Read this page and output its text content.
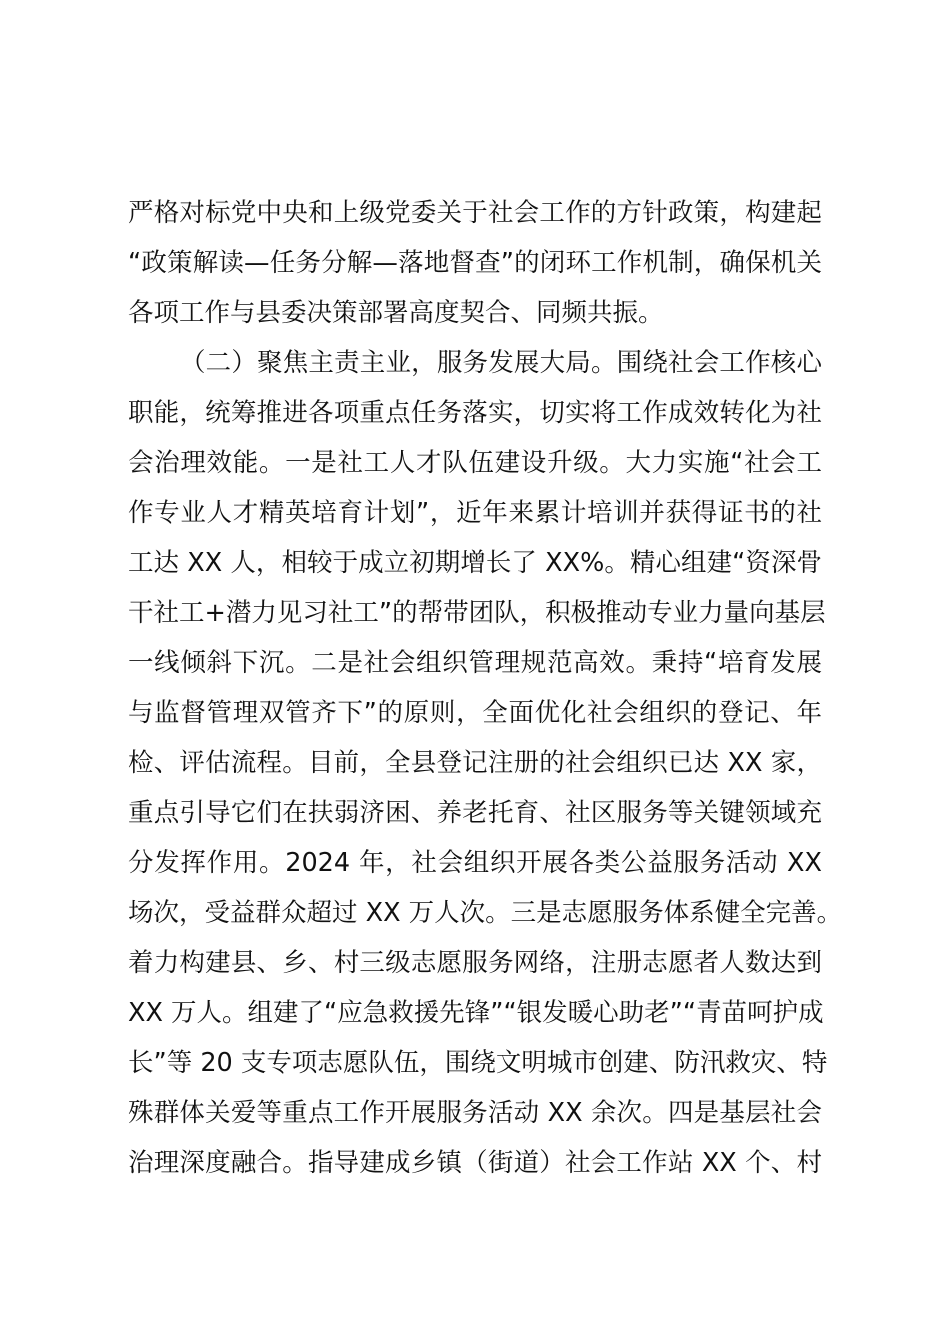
严格对标党中央和上级党委关于社会工作的方针政策，构建起
“政策解读—任务分解—落地督查”的闭环工作机制，确保机关
各项工作与县委决策部署高度契合、同频共振。
（二）聚焦主责主业，服务发展大局。围绕社会工作核心
职能，统筹推进各项重点任务落实，切实将工作成效转化为社
会治理效能。一是社工人才队伍建设升级。大力实施“社会工
作专业人才精英培育计划”，近年来累计培训并获得证书的社
工达 XX 人，相较于成立初期增长了 XX%。精心组建“资深骨
干社工+潜力见习社工”的帮带团队，积极推动专业力量向基层
一线倾斜下沉。二是社会组织管理规范高效。秉持“培育发展
与监督管理双管齐下”的原则，全面优化社会组织的登记、年
检、评估流程。目前，全县登记注册的社会组织已达 XX 家，
重点引导它们在扶弱济困、养老托育、社区服务等关键领域充
分发挥作用。2024 年，社会组织开展各类公益服务活动 XX
场次，受益群众超过 XX 万人次。三是志愿服务体系健全完善。
着力构建县、乡、村三级志愿服务网络，注册志愿者人数达到
XX 万人。组建了“应急救援先锋”“银发暖心助老”“青苗呵护成
长”等 20 支专项志愿队伍，围绕文明城市创建、防汛救灾、特
殊群体关爱等重点工作开展服务活动 XX 余次。四是基层社会
治理深度融合。指导建成乡镇（街道）社会工作站 XX 个、村
